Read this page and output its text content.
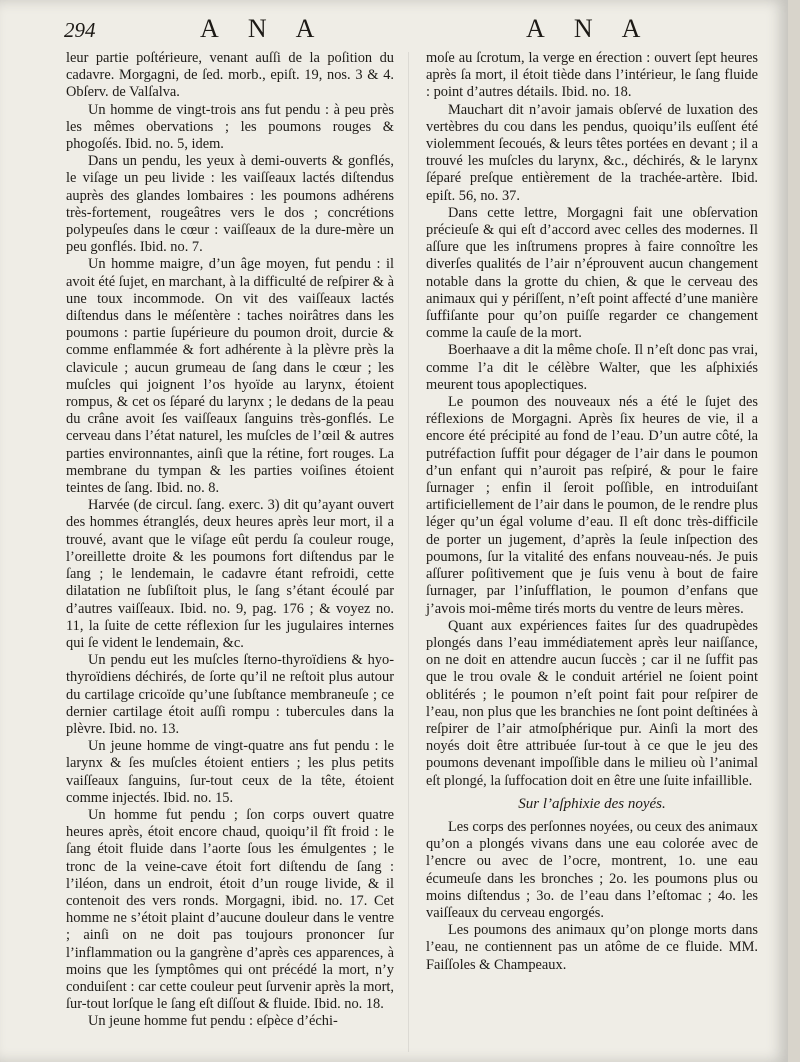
294	A N A	A N A

leur partie poſtérieure, venant auſſi de la poſition du cadavre. Morgagni, de ſed. morb., epiſt. 19, nos. 3 & 4. Obſerv. de Valſalva.

Un homme de vingt-trois ans fut pendu : à peu près les mêmes obervations ; les poumons rouges & phogoſés. Ibid. no. 5, idem.

Dans un pendu, les yeux à demi-ouverts & gonflés, le viſage un peu livide : les vaiſſeaux lactés diſtendus auprès des glandes lombaires : les poumons adhérens très-fortement, rougeâtres vers le dos ; concrétions polypeuſes dans le cœur : vaiſſeaux de la dure-mère un peu gonflés. Ibid. no. 7.

Un homme maigre, d’un âge moyen, fut pendu : il avoit été ſujet, en marchant, à la difficulté de reſpirer & à une toux incommode. On vit des vaiſſeaux lactés diſtendus dans le méſentère : taches noirâtres dans les poumons : partie ſupérieure du poumon droit, durcie & comme enflammée & fort adhérente à la plèvre près la clavicule ; aucun grumeau de ſang dans le cœur ; les muſcles qui joignent l’os hyoïde au larynx, étoient rompus, & cet os ſéparé du larynx ; le dedans de la peau du crâne avoit ſes vaiſſeaux ſanguins très-gonflés. Le cerveau dans l’état naturel, les muſcles de l’œil & autres parties environnantes, ainſi que la rétine, fort rouges. La membrane du tympan & les parties voiſines étoient teintes de ſang. Ibid. no. 8.

Harvée (de circul. ſang. exerc. 3) dit qu’ayant ouvert des hommes étranglés, deux heures après leur mort, il a trouvé, avant que le viſage eût perdu ſa couleur rouge, l’oreillette droite & les poumons fort diſtendus par le ſang ; le lendemain, le cadavre étant refroidi, cette dilatation ne ſubſiſtoit plus, le ſang s’étant écoulé par d’autres vaiſſeaux. Ibid. no. 9, pag. 176 ; & voyez no. 11, la ſuite de cette réflexion ſur les jugulaires internes qui ſe vident le lendemain, &c.

Un pendu eut les muſcles ſterno-thyroïdiens & hyo-thyroïdiens déchirés, de ſorte qu’il ne reſtoit plus autour du cartilage cricoïde qu’une ſubſtance membraneuſe ; ce dernier cartilage étoit auſſi rompu : tubercules dans la plèvre. Ibid. no. 13.

Un jeune homme de vingt-quatre ans fut pendu : le larynx & ſes muſcles étoient entiers ; les plus petits vaiſſeaux ſanguins, ſur-tout ceux de la tête, étoient comme injectés. Ibid. no. 15.

Un homme fut pendu ; ſon corps ouvert quatre heures après, étoit encore chaud, quoiqu’il fît froid : le ſang étoit fluide dans l’aorte ſous les émulgentes ; le tronc de la veine-cave étoit fort diſtendu de ſang : l’iléon, dans un endroit, étoit d’un rouge livide, & il contenoit des vers ronds. Morgagni, ibid. no. 17. Cet homme ne s’étoit plaint d’aucune douleur dans le ventre ; ainſi on ne doit pas toujours prononcer ſur l’inflammation ou la gangrène d’après ces apparences, à moins que les ſymptômes qui ont précédé la mort, n’y conduiſent : car cette couleur peut ſurvenir après la mort, ſur-tout lorſque le ſang eſt diſſout & fluide. Ibid. no. 18.

Un jeune homme fut pendu : eſpèce d’échi-

moſe au ſcrotum, la verge en érection : ouvert ſept heures après ſa mort, il étoit tiède dans l’intérieur, le ſang fluide : point d’autres détails. Ibid. no. 18.

Mauchart dit n’avoir jamais obſervé de luxation des vertèbres du cou dans les pendus, quoiqu’ils euſſent été violemment ſecoués, & leurs têtes portées en devant ; il a trouvé les muſcles du larynx, &c., déchirés, & le larynx ſéparé preſque entièrement de la trachée-artère. Ibid. epiſt. 56, no. 37.

Dans cette lettre, Morgagni fait une obſervation précieuſe & qui eſt d’accord avec celles des modernes. Il aſſure que les inſtrumens propres à faire connoître les diverſes qualités de l’air n’éprouvent aucun changement notable dans la grotte du chien, & que le cerveau des animaux qui y périſſent, n’eſt point affecté d’une manière ſuffiſante pour qu’on puiſſe regarder ce changement comme la cauſe de la mort.

Boerhaave a dit la même choſe. Il n’eſt donc pas vrai, comme l’a dit le célèbre Walter, que les aſphixiés meurent tous apoplectiques.

Le poumon des nouveaux nés a été le ſujet des réflexions de Morgagni. Après ſix heures de vie, il a encore été précipité au fond de l’eau. D’un autre côté, la putréfaction ſuffit pour dégager de l’air dans le poumon d’un enfant qui n’auroit pas reſpiré, & pour le faire ſurnager ; enfin il ſeroit poſſible, en introduiſant artificiellement de l’air dans le poumon, de le rendre plus léger qu’un égal volume d’eau. Il eſt donc très-difficile de porter un jugement, d’après la ſeule inſpection des poumons, ſur la vitalité des enfans nouveau-nés. Je puis aſſurer poſitivement que je ſuis venu à bout de faire ſurnager, par l’inſufflation, le poumon d’enfans que j’avois moi-même tirés morts du ventre de leurs mères.

Quant aux expériences faites ſur des quadrupèdes plongés dans l’eau immédiatement après leur naiſſance, on ne doit en attendre aucun ſuccès ; car il ne ſuffit pas que le trou ovale & le conduit artériel ne ſoient point oblitérés ; le poumon n’eſt point fait pour reſpirer de l’eau, non plus que les branchies ne ſont point deſtinées à reſpirer de l’air atmoſphérique pur. Ainſi la mort des noyés doit être attribuée ſur-tout à ce que le jeu des poumons devenant impoſſible dans le milieu où l’animal eſt plongé, la ſuffocation doit en être une ſuite infaillible.

Sur l’aſphixie des noyés.

Les corps des perſonnes noyées, ou ceux des animaux qu’on a plongés vivans dans une eau colorée avec de l’encre ou avec de l’ocre, montrent, 1o. une eau écumeuſe dans les bronches ; 2o. les poumons plus ou moins diſtendus ; 3o. de l’eau dans l’eſtomac ; 4o. les vaiſſeaux du cerveau engorgés.

Les poumons des animaux qu’on plonge morts dans l’eau, ne contiennent pas un atôme de ce fluide. MM. Faiſſoles & Champeaux.
